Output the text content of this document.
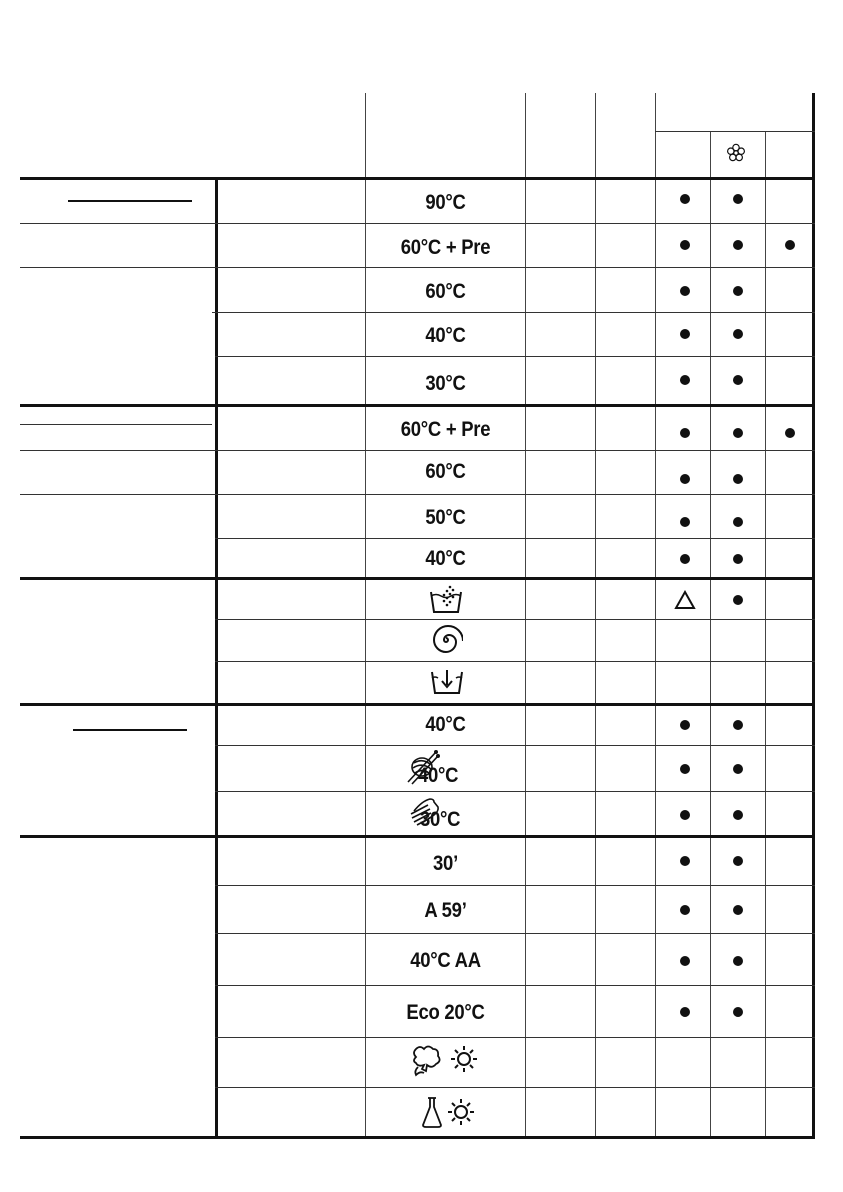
90°C
60°C + Pre
60°C
40°C
30°C
60°C + Pre
60°C
50°C
40°C
40°C
40°C
30°C
30’
A 59’
40°C AA
Eco 20°C
